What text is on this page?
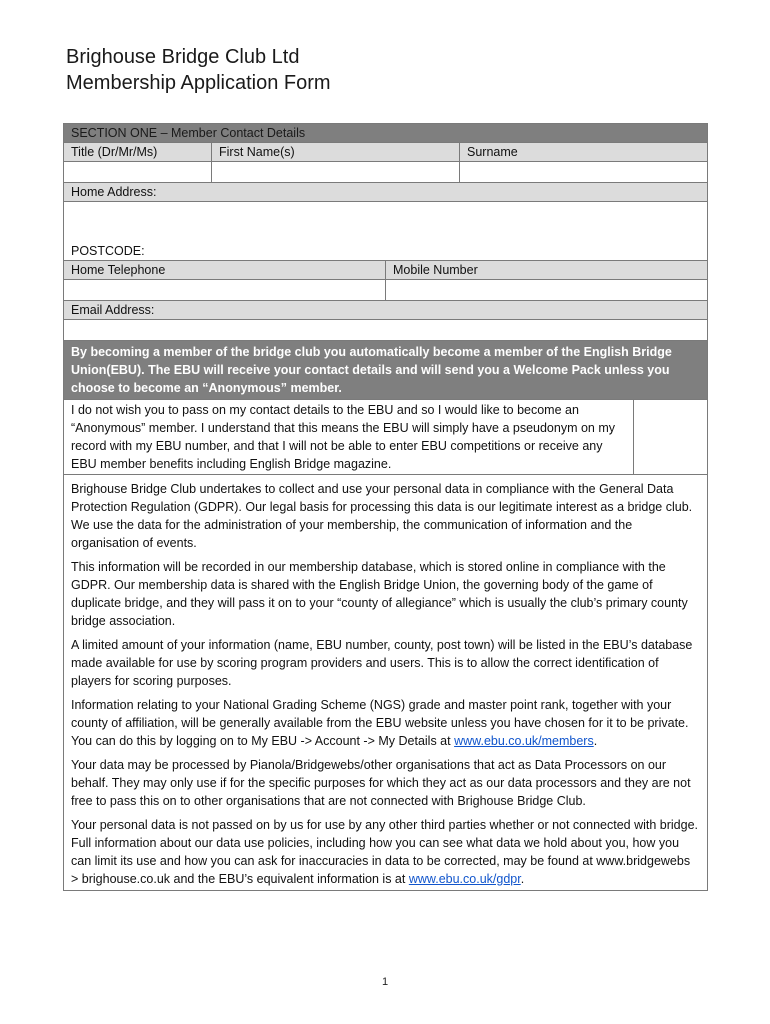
Brighouse Bridge Club Ltd
Membership Application Form
SECTION ONE – Member Contact Details
Title (Dr/Mr/Ms)	First Name(s)	Surname
Home Address:
POSTCODE:
Home Telephone	Mobile Number
Email Address:
By becoming a member of the bridge club you automatically become a member of the English Bridge Union(EBU). The EBU will receive your contact details and will send you a Welcome Pack unless you choose to become an “Anonymous” member.
I do not wish you to pass on my contact details to the EBU and so I would like to become an “Anonymous” member. I understand that this means the EBU will simply have a pseudonym on my record with my EBU number, and that I will not be able to enter EBU competitions or receive any EBU member benefits including English Bridge magazine.

Brighouse Bridge Club undertakes to collect and use your personal data in compliance with the General Data Protection Regulation (GDPR). Our legal basis for processing this data is our legitimate interest as a bridge club. We use the data for the administration of your membership, the communication of information and the organisation of events.

This information will be recorded in our membership database, which is stored online in compliance with the GDPR. Our membership data is shared with the English Bridge Union, the governing body of the game of duplicate bridge, and they will pass it on to your “county of allegiance” which is usually the club’s primary county bridge association.

A limited amount of your information (name, EBU number, county, post town) will be listed in the EBU’s database made available for use by scoring program providers and users. This is to allow the correct identification of players for scoring purposes.

Information relating to your National Grading Scheme (NGS) grade and master point rank, together with your county of affiliation, will be generally available from the EBU website unless you have chosen for it to be private. You can do this by logging on to My EBU -> Account -> My Details at www.ebu.co.uk/members.

Your data may be processed by Pianola/Bridgewebs/other organisations that act as Data Processors on our behalf. They may only use if for the specific purposes for which they act as our data processors and they are not free to pass this on to other organisations that are not connected with Brighouse Bridge Club.

Your personal data is not passed on by us for use by any other third parties whether or not connected with bridge. Full information about our data use policies, including how you can see what data we hold about you, how you can limit its use and how you can ask for inaccuracies in data to be corrected, may be found at www.bridgewebs > brighouse.co.uk and the EBU’s equivalent information is at www.ebu.co.uk/gdpr.

1
